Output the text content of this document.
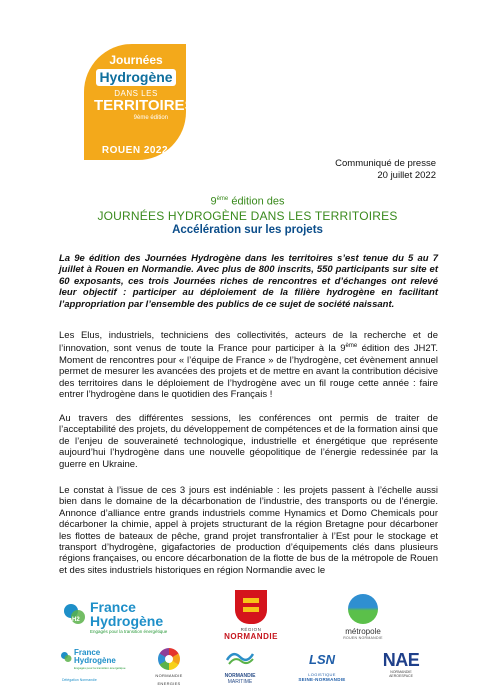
Journées
Hydrogène
DANS LES
TERRITOIRES
9ème édition
ROUEN 2022
Communiqué de presse
20 juillet 2022
9ème édition des
JOURNÉES HYDROGÈNE DANS LES TERRITOIRES
Accélération sur les projets
La 9e édition des Journées Hydrogène dans les territoires s’est tenue du 5 au 7 juillet à Rouen en Normandie. Avec plus de 800 inscrits, 550 participants sur site et 60 exposants, ces trois Journées riches de rencontres et d’échanges ont relevé leur objectif : participer au déploiement de la filière hydrogène en facilitant l’appropriation par l’ensemble des publics de ce sujet de société naissant.
Les Elus, industriels, techniciens des collectivités, acteurs de la recherche et de l’innovation, sont venus de toute la France pour participer à la 9ème édition des JH2T. Moment de rencontres pour « l’équipe de France » de l’hydrogène, cet évènement annuel permet de mesurer les avancées des projets et de mettre en avant la contribution décisive des territoires dans le déploiement de l’hydrogène avec un fil rouge cette année : faire entrer l’hydrogène dans le quotidien des Français !
Au travers des différentes sessions, les conférences ont permis de traiter de l’acceptabilité des projets, du développement de compétences et de la formation ainsi que de l’enjeu de souveraineté technologique, industrielle et énergétique que représente aujourd’hui l’hydrogène dans une nouvelle géopolitique de l’énergie redessinée par la guerre en Ukraine.
Le constat à l’issue de ces 3 jours est indéniable : les projets passent à l’échelle aussi bien dans le domaine de la décarbonation de l’industrie, des transports ou de l’énergie. Annonce d’alliance entre grands industriels comme Hynamics et Domo Chemicals pour décarboner la chimie, appel à projets structurant de la région Bretagne pour décarboner les flottes de bateaux de pêche, grand projet transfrontalier à l’Est pour le stockage et transport d’hydrogène, gigafactories de production d’équipements clés dans plusieurs régions françaises, ou encore décarbonation de la flotte de bus de la métropole de Rouen et des sites industriels historiques en région Normandie avec le
H2
France
Hydrogène
Engagés pour la transition énergétique	RÉGION
NORMANDIE
métropole
ROUEN NORMANDIE
France
Hydrogène
Engagés pour la transition énergétique
Délégation Normandie
NORMANDIE
ENERGIES
NORMANDIE
MARITIME
LSN
LOGISTIQUE
SEINE-NORMANDIE
NAE
NORMANDIE
AEROESPACE
